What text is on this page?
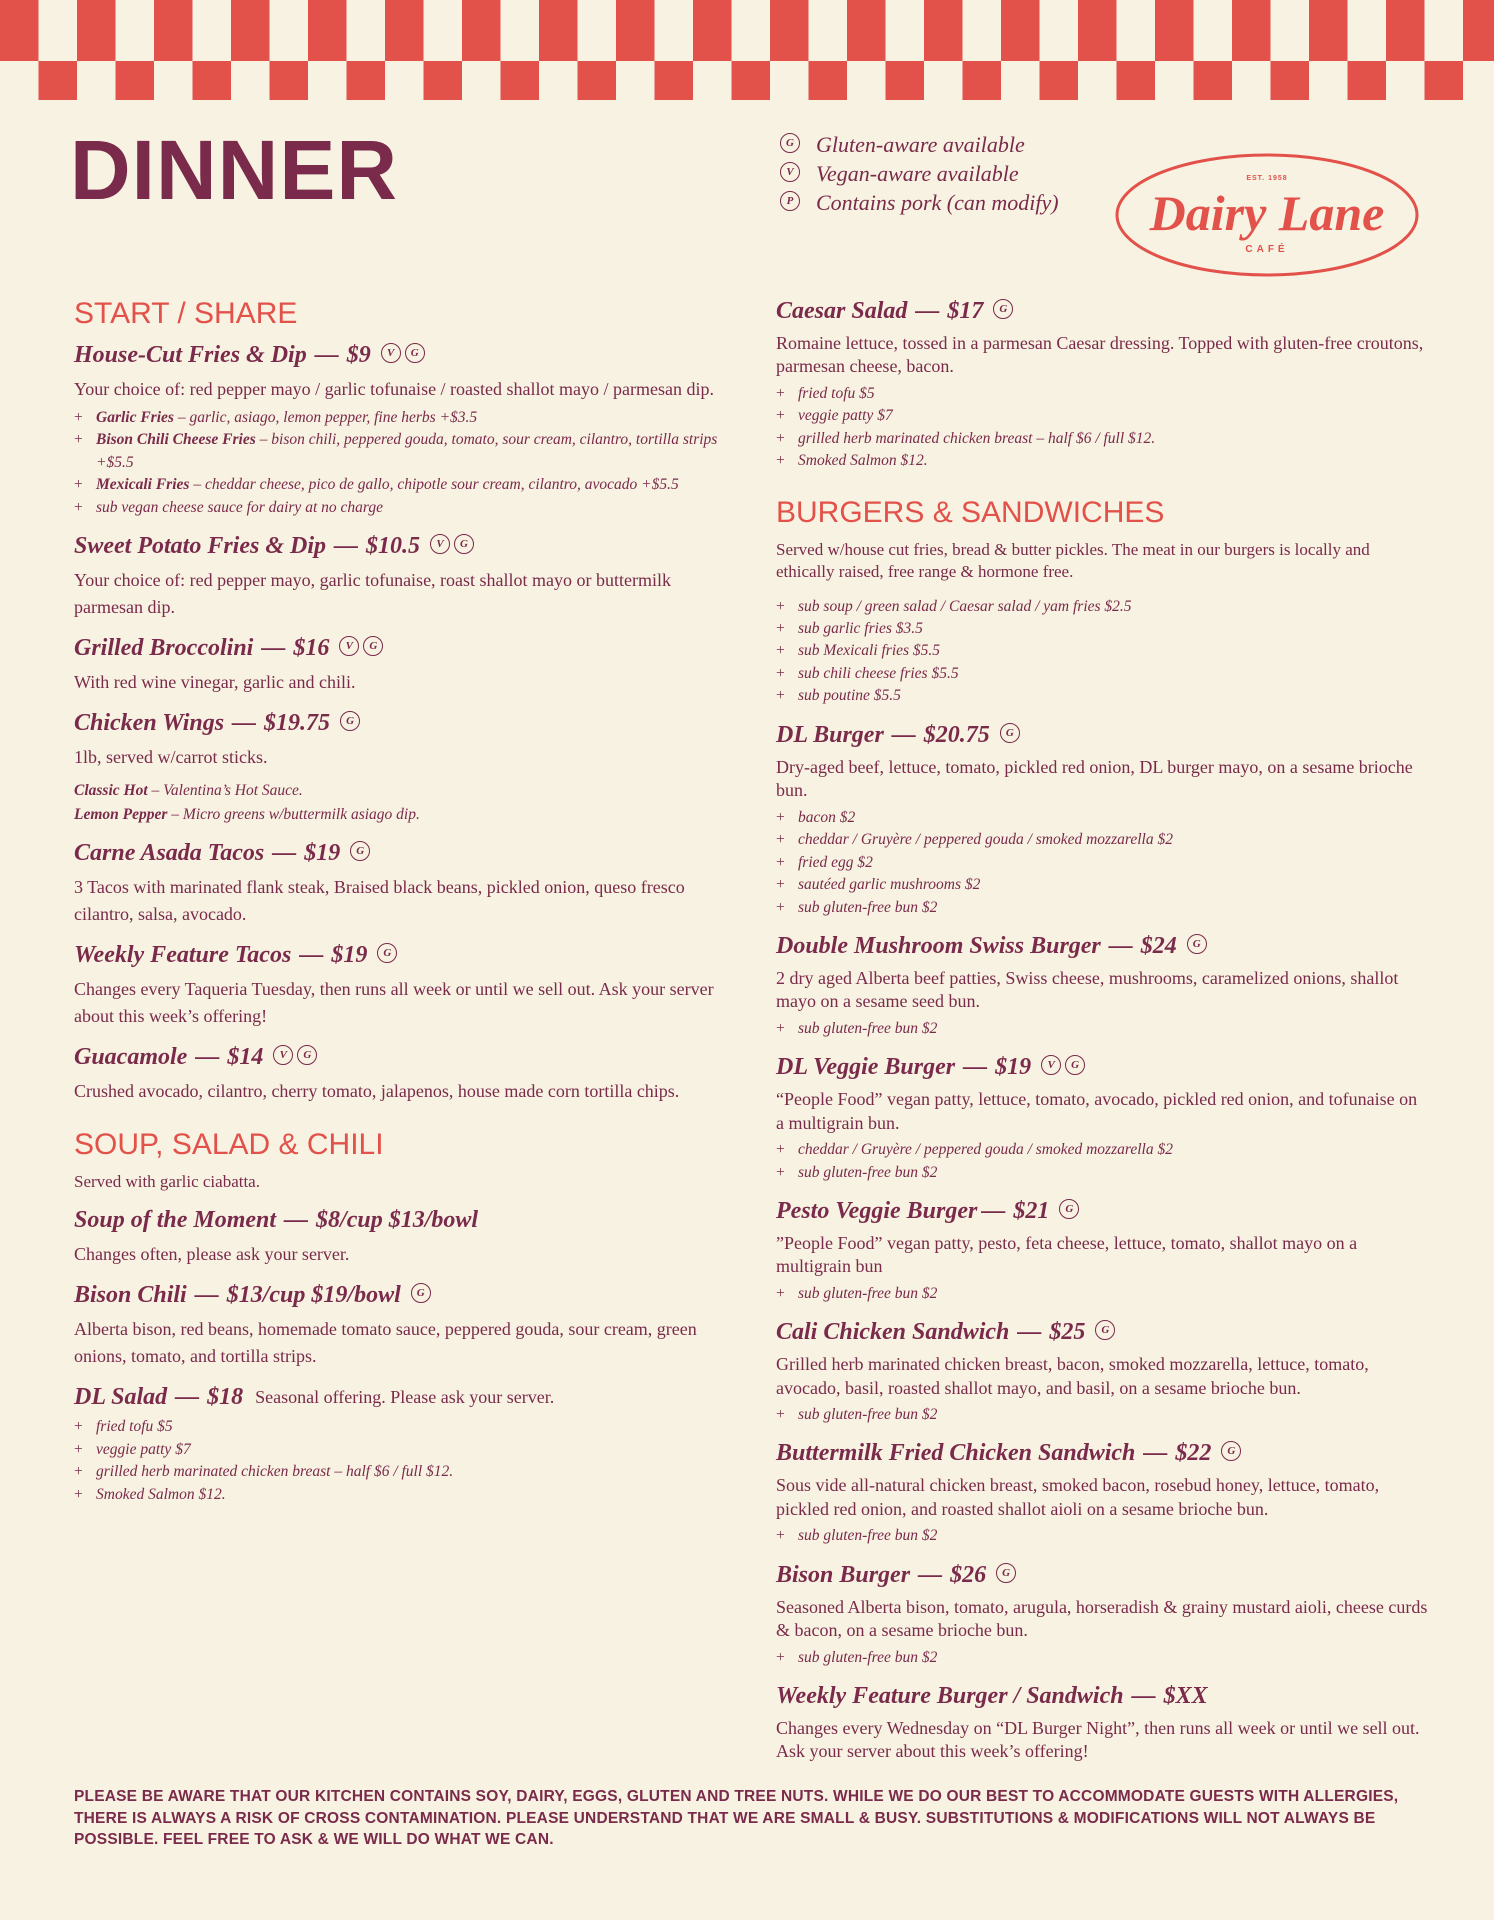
DINNER	G Gluten-aware available
V Vegan-aware available
P	Contains pork (can modify)
EST. 1958
Dairy Lane
CAFÉ
START / SHARE
House-Cut Fries & Dip — $9	V	G
Your choice of: red pepper mayo / garlic tofunaise / roasted shallot mayo / parmesan dip.
+ Garlic Fries – garlic, asiago, lemon pepper, fine herbs +$3.5
+ Bison Chili Cheese Fries – bison chili, peppered gouda, tomato, sour cream, cilantro, tortilla strips +$5.5
+ Mexicali Fries – cheddar cheese, pico de gallo, chipotle sour cream, cilantro, avocado +$5.5
+ sub vegan cheese sauce for dairy at no charge
Sweet Potato Fries & Dip — $10.5	V	G
Your choice of: red pepper mayo, garlic tofunaise, roast shallot mayo or buttermilk parmesan dip.
Grilled Broccolini — $16	V	G
With red wine vinegar, garlic and chili.
Chicken Wings — $19.75	G
1lb, served w/carrot sticks.
Classic Hot – Valentina’s Hot Sauce.
Lemon Pepper – Micro greens w/buttermilk asiago dip.
Carne Asada Tacos — $19	G
3 Tacos with marinated flank steak, Braised black beans, pickled onion, queso fresco cilantro, salsa, avocado.
Weekly Feature Tacos — $19	G
Changes every Taqueria Tuesday, then runs all week or until we sell out. Ask your server about this week’s offering!
Guacamole — $14	V	G
Crushed avocado, cilantro, cherry tomato, jalapenos, house made corn tortilla chips.
SOUP, SALAD & CHILI
Served with garlic ciabatta.
Soup of the Moment — $8/cup $13/bowl
Changes often, please ask your server.
Bison Chili — $13/cup $19/bowl	G
Alberta bison, red beans, homemade tomato sauce, peppered gouda, sour cream, green onions, tomato, and tortilla strips.
DL Salad — $18 Seasonal offering. Please ask your server.
+ fried tofu $5
+ veggie patty $7
+ grilled herb marinated chicken breast – half $6 / full $12.
+ Smoked Salmon $12.
Caesar Salad — $17	G
Romaine lettuce, tossed in a parmesan Caesar dressing. Topped with gluten-free croutons, parmesan cheese, bacon.
+ fried tofu $5
+ veggie patty $7
+ grilled herb marinated chicken breast – half $6 / full $12.
+ Smoked Salmon $12.
BURGERS & SANDWICHES
Served w/house cut fries, bread & butter pickles. The meat in our burgers is locally and ethically raised, free range & hormone free.
+ sub soup / green salad / Caesar salad / yam fries $2.5
+ sub garlic fries $3.5
+ sub Mexicali fries $5.5
+ sub chili cheese fries $5.5
+ sub poutine $5.5
DL Burger — $20.75	G
Dry-aged beef, lettuce, tomato, pickled red onion, DL burger mayo, on a sesame brioche bun.
+ bacon $2
+ cheddar / Gruyère / peppered gouda / smoked mozzarella $2
+ fried egg $2
+ sautéed garlic mushrooms $2
+ sub gluten-free bun $2
Double Mushroom Swiss Burger — $24	G
2 dry aged Alberta beef patties, Swiss cheese, mushrooms, caramelized onions, shallot mayo on a sesame seed bun.
+ sub gluten-free bun $2
DL Veggie Burger — $19	V	G
“People Food” vegan patty, lettuce, tomato, avocado, pickled red onion, and tofunaise on a multigrain bun.
+ cheddar / Gruyère / peppered gouda / smoked mozzarella $2
+ sub gluten-free bun $2
Pesto Veggie Burger — $21	G
”People Food” vegan patty, pesto, feta cheese, lettuce, tomato, shallot mayo on a multigrain bun
+ sub gluten-free bun $2
Cali Chicken Sandwich — $25	G
Grilled herb marinated chicken breast, bacon, smoked mozzarella, lettuce, tomato, avocado, basil, roasted shallot mayo, and basil, on a sesame brioche bun.
+ sub gluten-free bun $2
Buttermilk Fried Chicken Sandwich — $22	G
Sous vide all-natural chicken breast, smoked bacon, rosebud honey, lettuce, tomato, pickled red onion, and roasted shallot aioli on a sesame brioche bun.
+ sub gluten-free bun $2
Bison Burger — $26	G
Seasoned Alberta bison, tomato, arugula, horseradish & grainy mustard aioli, cheese curds & bacon, on a sesame brioche bun.
+ sub gluten-free bun $2
Weekly Feature Burger / Sandwich — $XX
Changes every Wednesday on “DL Burger Night”, then runs all week or until we sell out. Ask your server about this week’s offering!
PLEASE BE AWARE THAT OUR KITCHEN CONTAINS SOY, DAIRY, EGGS, GLUTEN AND TREE NUTS. WHILE WE DO OUR BEST TO ACCOMMODATE GUESTS WITH ALLERGIES, THERE IS ALWAYS A RISK OF CROSS CONTAMINATION. PLEASE UNDERSTAND THAT WE ARE SMALL & BUSY. SUBSTITUTIONS & MODIFICATIONS WILL NOT ALWAYS BE POSSIBLE. FEEL FREE TO ASK & WE WILL DO WHAT WE CAN.
